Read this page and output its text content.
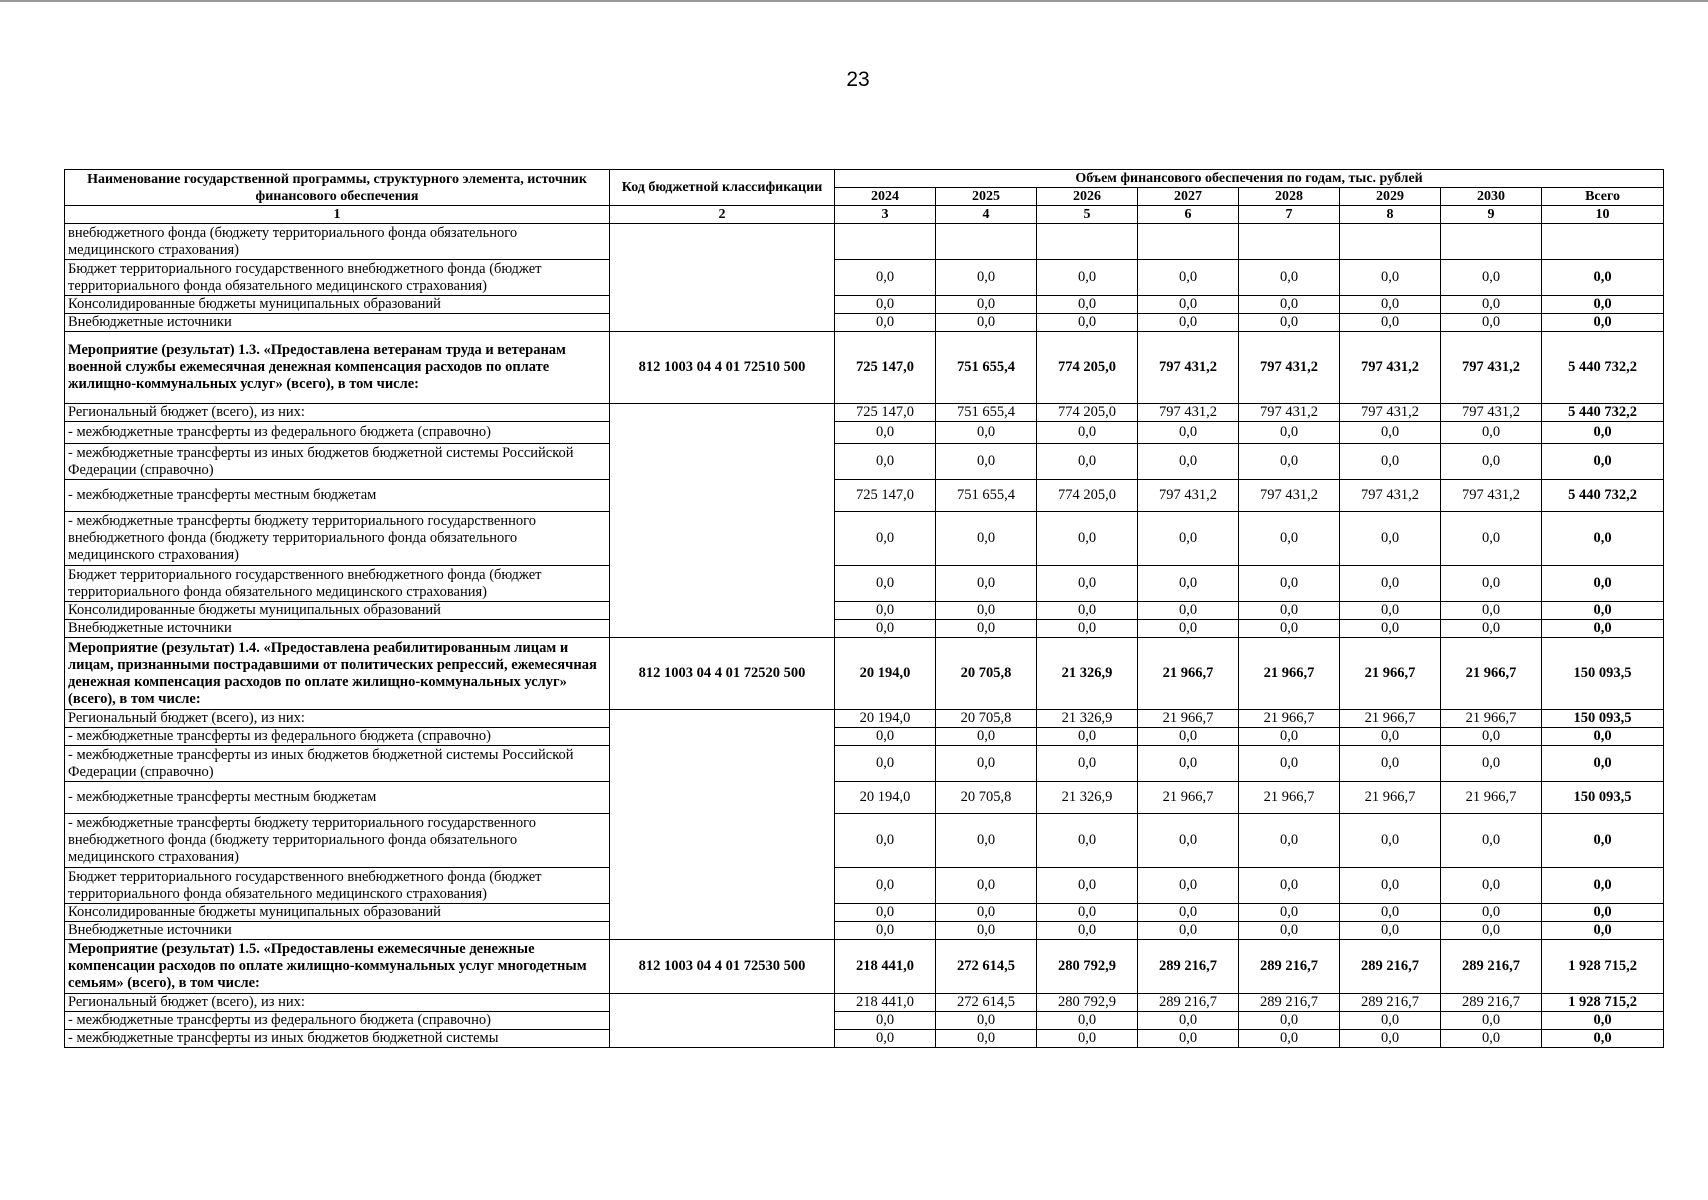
23
Наименование государственной программы, структурного элемента, источник финансового обеспечения	Код бюджетной классификации	Объем финансового обеспечения по годам, тыс. рублей							
		2024	2025	2026	2027	2028	2029	2030	Всего
1	2	3	4	5	6	7	8	9	10
внебюджетного фонда (бюджету территориального фонда обязательного медицинского страхования)									
Бюджет территориального государственного внебюджетного фонда (бюджет территориального фонда обязательного медицинского страхования)		0,0	0,0	0,0	0,0	0,0	0,0	0,0	0,0
Консолидированные бюджеты муниципальных образований		0,0	0,0	0,0	0,0	0,0	0,0	0,0	0,0
Внебюджетные источники		0,0	0,0	0,0	0,0	0,0	0,0	0,0	0,0
Мероприятие (результат) 1.3. «Предоставлена ветеранам труда и ветеранам военной службы ежемесячная денежная компенсация расходов по оплате жилищно-коммунальных услуг» (всего), в том числе:	812 1003 04 4 01 72510 500	725 147,0	751 655,4	774 205,0	797 431,2	797 431,2	797 431,2	797 431,2	5 440 732,2
Региональный бюджет (всего), из них:		725 147,0	751 655,4	774 205,0	797 431,2	797 431,2	797 431,2	797 431,2	5 440 732,2
- межбюджетные трансферты из федерального бюджета (справочно)		0,0	0,0	0,0	0,0	0,0	0,0	0,0	0,0
- межбюджетные трансферты из иных бюджетов бюджетной системы Российской Федерации (справочно)		0,0	0,0	0,0	0,0	0,0	0,0	0,0	0,0
- межбюджетные трансферты местным бюджетам		725 147,0	751 655,4	774 205,0	797 431,2	797 431,2	797 431,2	797 431,2	5 440 732,2
- межбюджетные трансферты бюджету территориального государственного внебюджетного фонда (бюджету территориального фонда обязательного медицинского страхования)		0,0	0,0	0,0	0,0	0,0	0,0	0,0	0,0
Бюджет территориального государственного внебюджетного фонда (бюджет территориального фонда обязательного медицинского страхования)		0,0	0,0	0,0	0,0	0,0	0,0	0,0	0,0
Консолидированные бюджеты муниципальных образований		0,0	0,0	0,0	0,0	0,0	0,0	0,0	0,0
Внебюджетные источники		0,0	0,0	0,0	0,0	0,0	0,0	0,0	0,0
Мероприятие (результат) 1.4. «Предоставлена реабилитированным лицам и лицам, признанными пострадавшими от политических репрессий, ежемесячная денежная компенсация расходов по оплате жилищно-коммунальных услуг» (всего), в том числе:	812 1003 04 4 01 72520 500	20 194,0	20 705,8	21 326,9	21 966,7	21 966,7	21 966,7	21 966,7	150 093,5
Региональный бюджет (всего), из них:		20 194,0	20 705,8	21 326,9	21 966,7	21 966,7	21 966,7	21 966,7	150 093,5
- межбюджетные трансферты из федерального бюджета (справочно)		0,0	0,0	0,0	0,0	0,0	0,0	0,0	0,0
- межбюджетные трансферты из иных бюджетов бюджетной системы Российской Федерации (справочно)		0,0	0,0	0,0	0,0	0,0	0,0	0,0	0,0
- межбюджетные трансферты местным бюджетам		20 194,0	20 705,8	21 326,9	21 966,7	21 966,7	21 966,7	21 966,7	150 093,5
- межбюджетные трансферты бюджету территориального государственного внебюджетного фонда (бюджету территориального фонда обязательного медицинского страхования)		0,0	0,0	0,0	0,0	0,0	0,0	0,0	0,0
Бюджет территориального государственного внебюджетного фонда (бюджет территориального фонда обязательного медицинского страхования)		0,0	0,0	0,0	0,0	0,0	0,0	0,0	0,0
Консолидированные бюджеты муниципальных образований		0,0	0,0	0,0	0,0	0,0	0,0	0,0	0,0
Внебюджетные источники		0,0	0,0	0,0	0,0	0,0	0,0	0,0	0,0
Мероприятие (результат) 1.5. «Предоставлены ежемесячные денежные компенсации расходов по оплате жилищно-коммунальных услуг многодетным семьям» (всего), в том числе:	812 1003 04 4 01 72530 500	218 441,0	272 614,5	280 792,9	289 216,7	289 216,7	289 216,7	289 216,7	1 928 715,2
Региональный бюджет (всего), из них:		218 441,0	272 614,5	280 792,9	289 216,7	289 216,7	289 216,7	289 216,7	1 928 715,2
- межбюджетные трансферты из федерального бюджета (справочно)		0,0	0,0	0,0	0,0	0,0	0,0	0,0	0,0
- межбюджетные трансферты из иных бюджетов бюджетной системы		0,0	0,0	0,0	0,0	0,0	0,0	0,0	0,0
